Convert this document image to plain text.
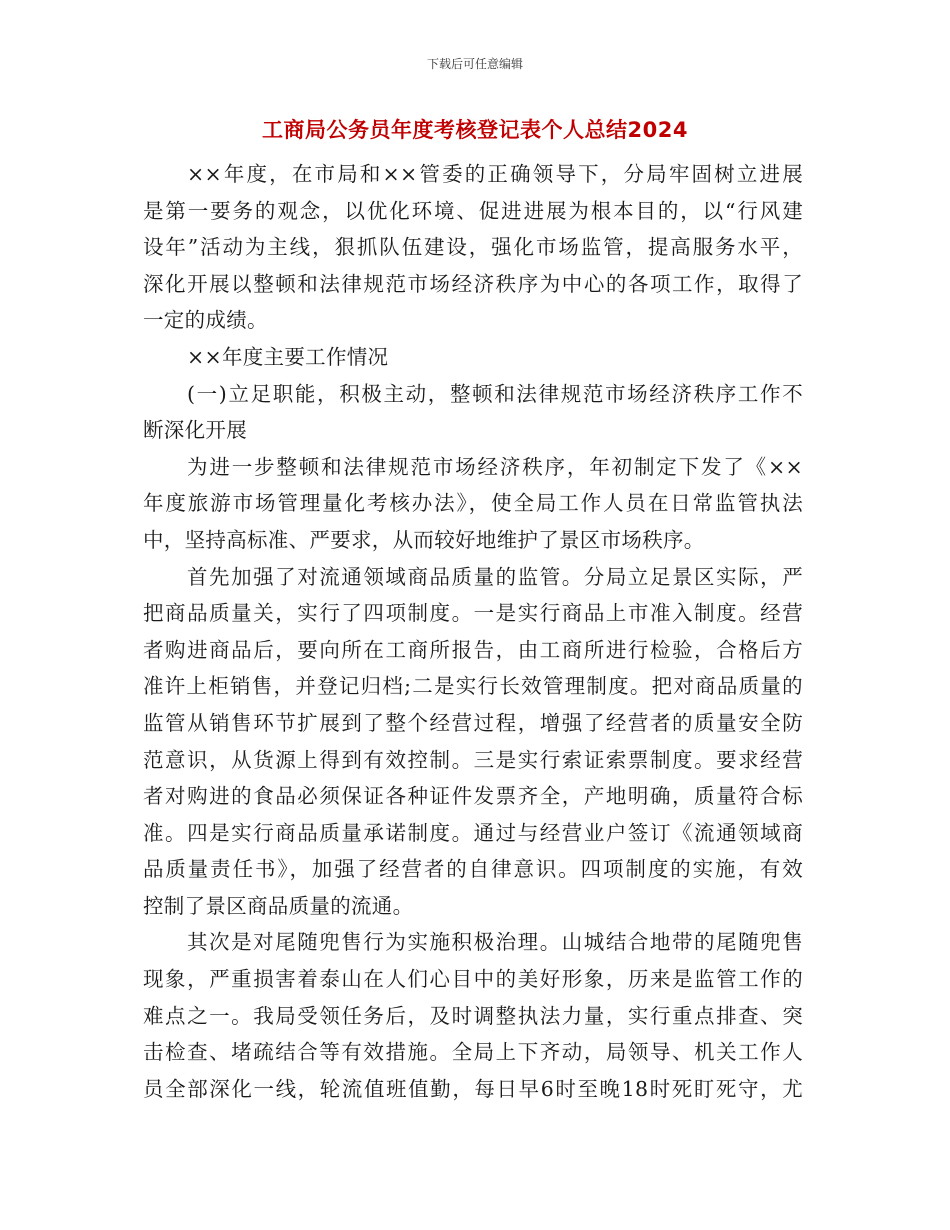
下载后可任意编辑
工商局公务员年度考核登记表个人总结2024
××年度，在市局和××管委的正确领导下，分局牢固树立进展
是第一要务的观念，以优化环境、促进进展为根本目的，以“行风建
设年”活动为主线，狠抓队伍建设，强化市场监管，提高服务水平，
深化开展以整顿和法律规范市场经济秩序为中心的各项工作，取得了
一定的成绩。
××年度主要工作情况
(一)立足职能，积极主动，整顿和法律规范市场经济秩序工作不
断深化开展
为进一步整顿和法律规范市场经济秩序，年初制定下发了《××
年度旅游市场管理量化考核办法》，使全局工作人员在日常监管执法
中，坚持高标准、严要求，从而较好地维护了景区市场秩序。
首先加强了对流通领域商品质量的监管。分局立足景区实际，严
把商品质量关，实行了四项制度。一是实行商品上市准入制度。经营
者购进商品后，要向所在工商所报告，由工商所进行检验，合格后方
准许上柜销售，并登记归档;二是实行长效管理制度。把对商品质量的
监管从销售环节扩展到了整个经营过程，增强了经营者的质量安全防
范意识，从货源上得到有效控制。三是实行索证索票制度。要求经营
者对购进的食品必须保证各种证件发票齐全，产地明确，质量符合标
准。四是实行商品质量承诺制度。通过与经营业户签订《流通领域商
品质量责任书》，加强了经营者的自律意识。四项制度的实施，有效
控制了景区商品质量的流通。
其次是对尾随兜售行为实施积极治理。山城结合地带的尾随兜售
现象，严重损害着泰山在人们心目中的美好形象，历来是监管工作的
难点之一。我局受领任务后，及时调整执法力量，实行重点排查、突
击检查、堵疏结合等有效措施。全局上下齐动，局领导、机关工作人
员全部深化一线，轮流值班值勤，每日早6时至晚18时死盯死守，尤
